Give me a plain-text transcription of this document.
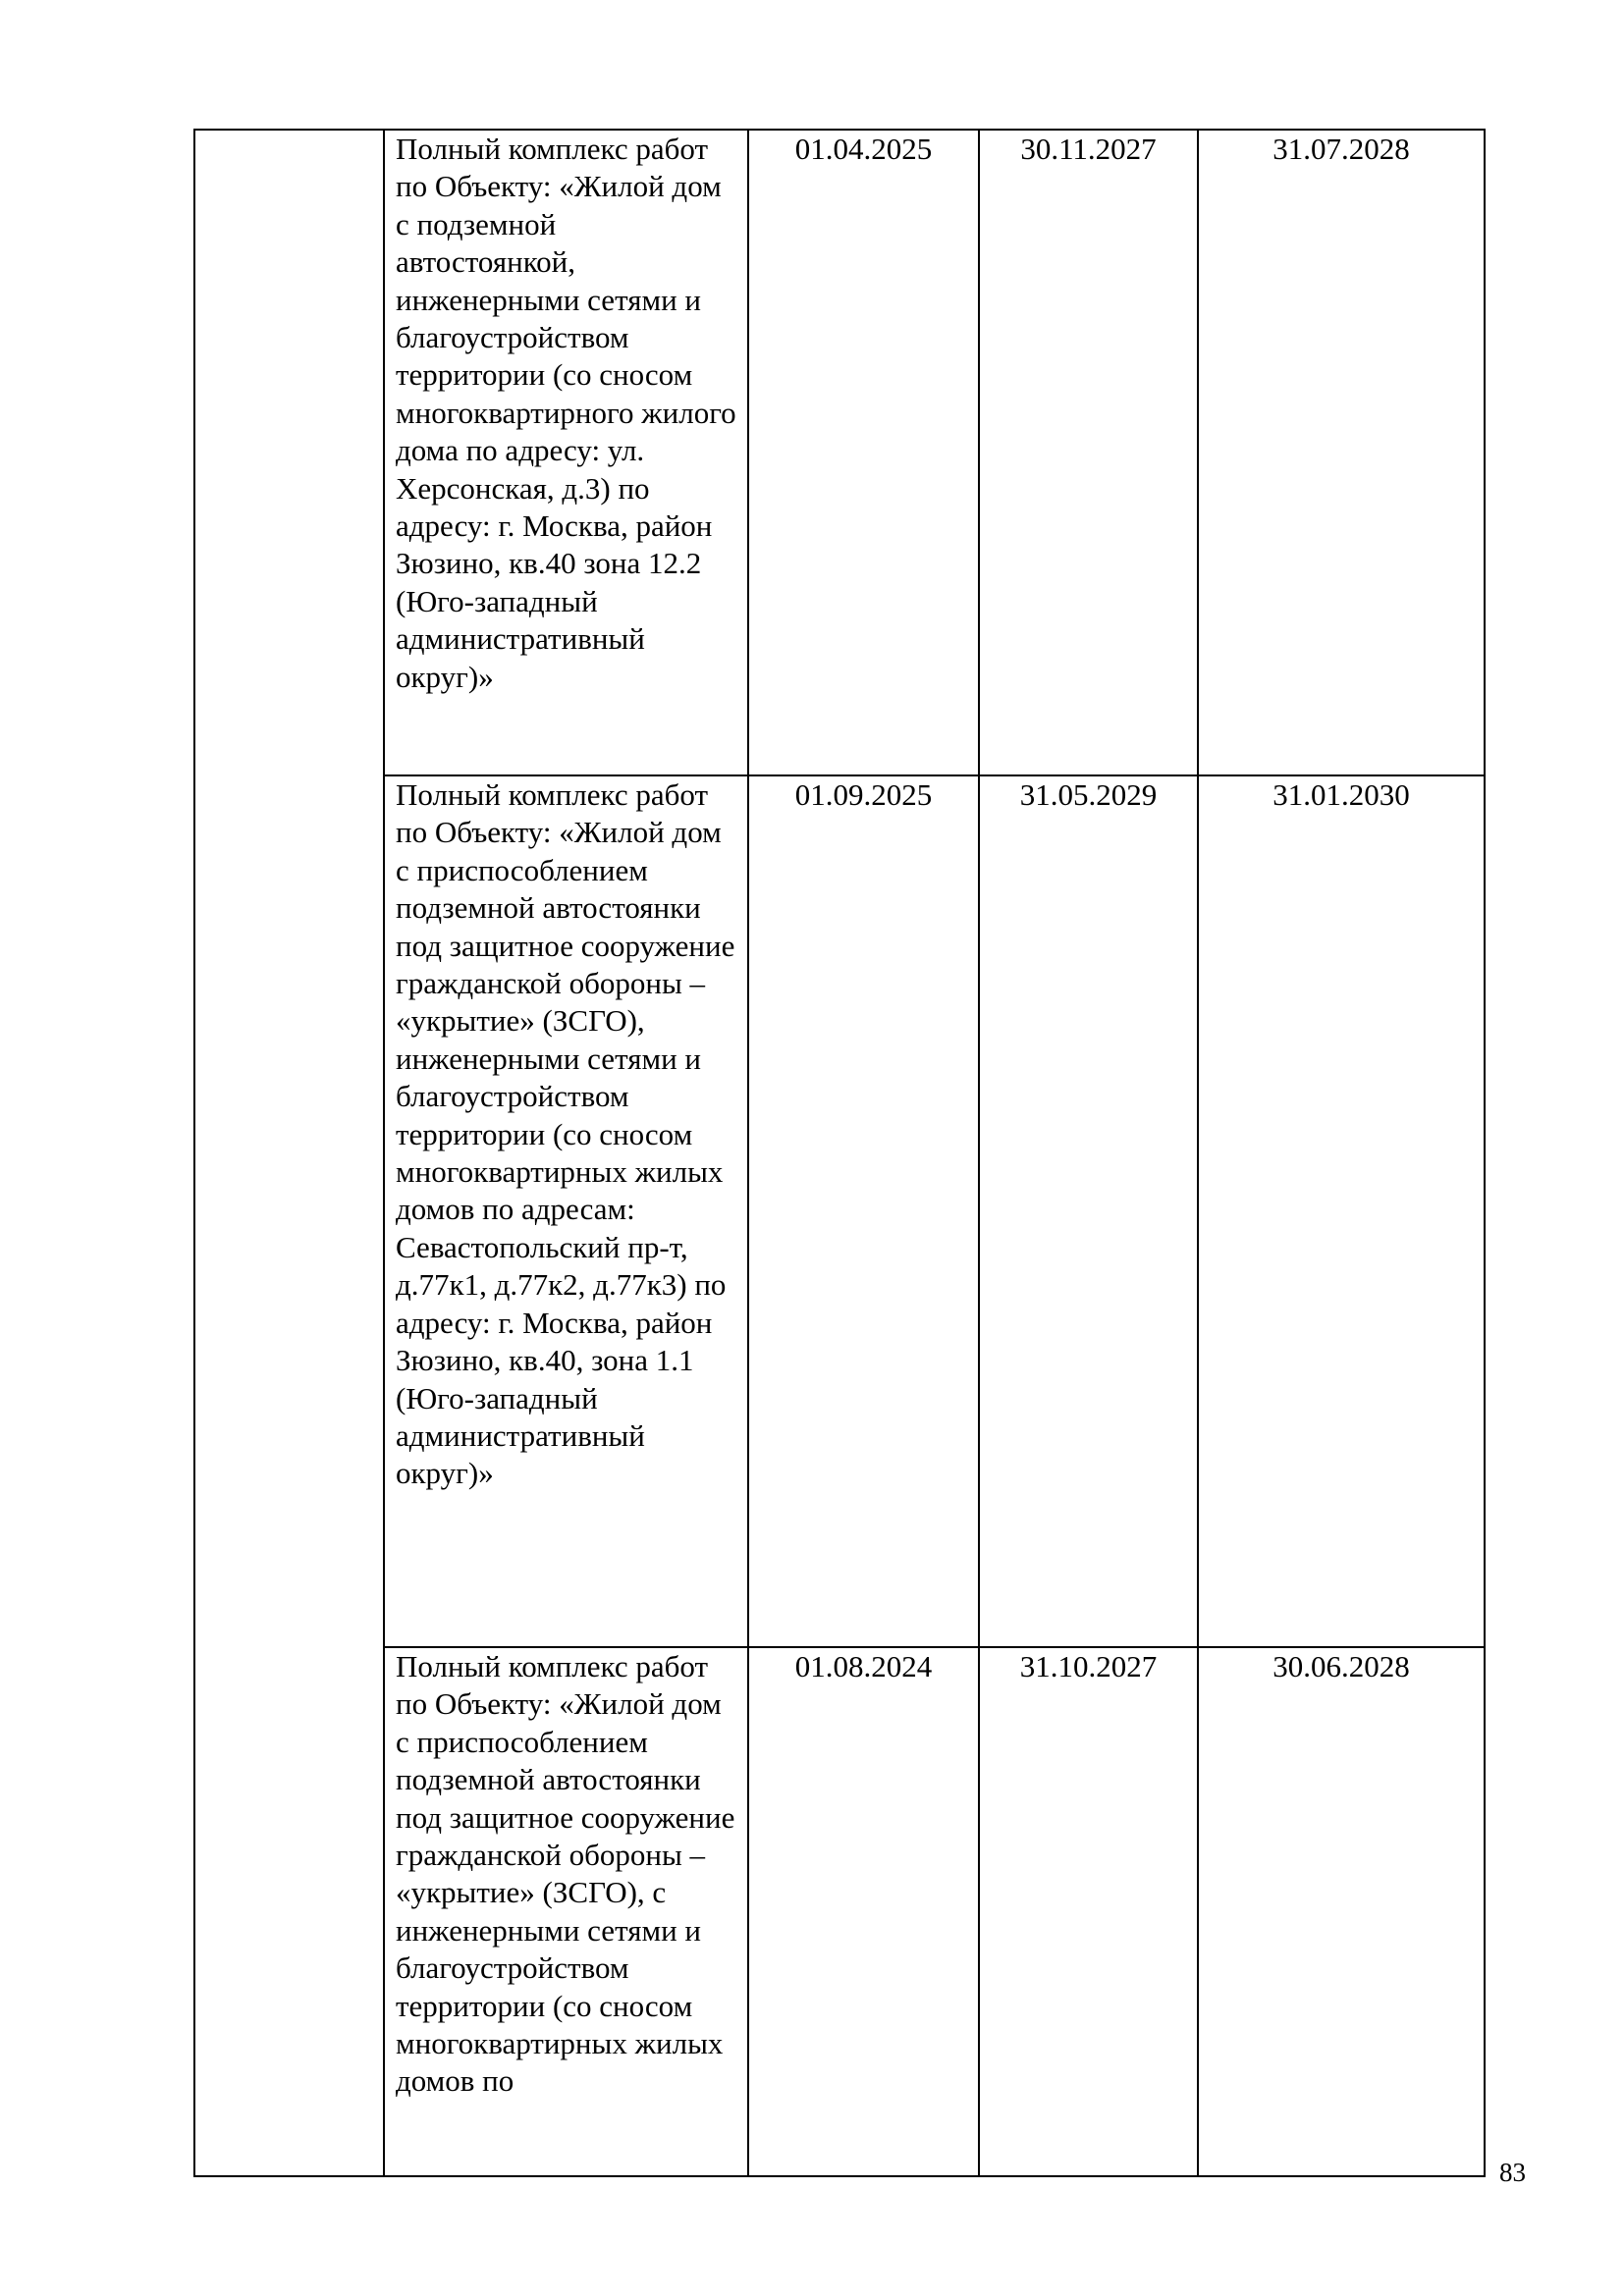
	Полный комплекс работ по Объекту: «Жилой дом с подземной автостоянкой, инженерными сетями и благоустройством территории (со сносом многоквартирного жилого дома по адресу: ул. Херсонская, д.3) по адресу: г. Москва, район Зюзино, кв.40 зона 12.2 (Юго-западный административный округ)»	01.04.2025	30.11.2027	31.07.2028

	Полный комплекс работ по Объекту: «Жилой дом с приспособлением подземной автостоянки под защитное сооружение гражданской обороны – «укрытие» (ЗСГО), инженерными сетями и благоустройством территории (со сносом многоквартирных жилых домов по адресам: Севастопольский пр-т, д.77к1, д.77к2, д.77к3) по адресу: г. Москва, район Зюзино, кв.40, зона 1.1 (Юго-западный административный округ)»	01.09.2025	31.05.2029	31.01.2030

	Полный комплекс работ по Объекту: «Жилой дом с приспособлением подземной автостоянки под защитное сооружение гражданской обороны – «укрытие» (ЗСГО), с инженерными сетями и благоустройством территории (со сносом многоквартирных жилых домов по	01.08.2024	31.10.2027	30.06.2028
83
